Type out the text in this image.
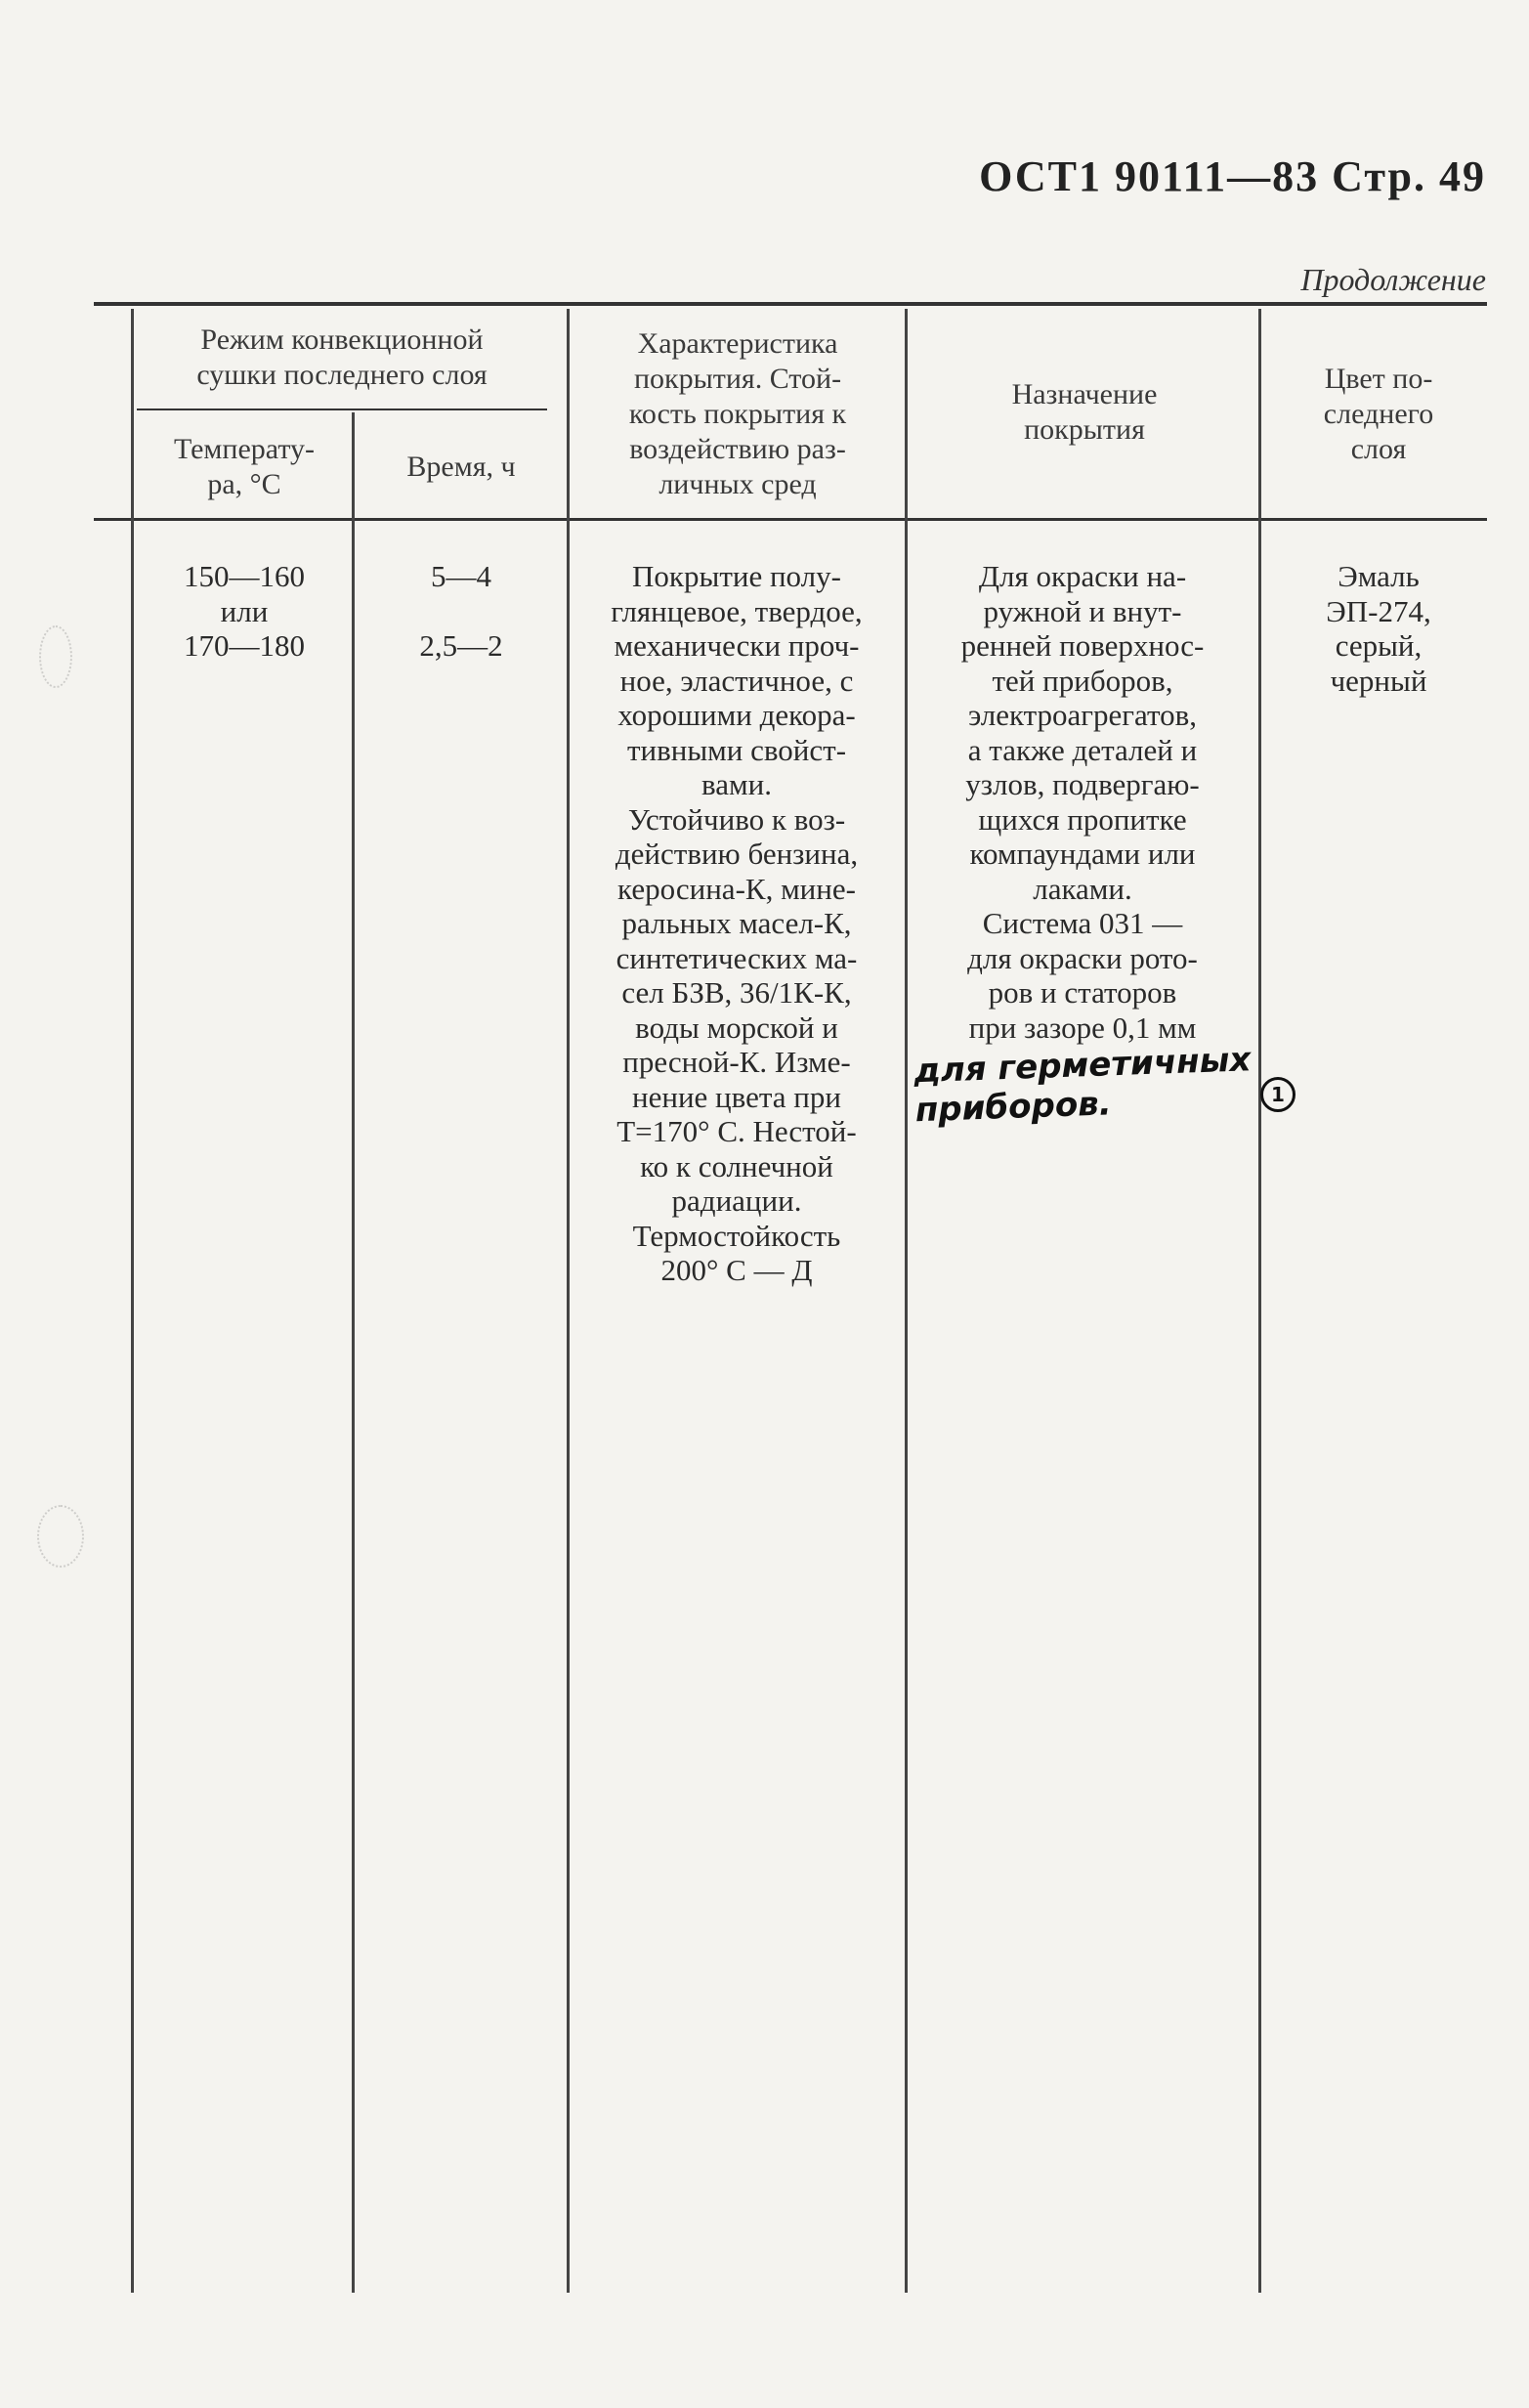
ОСТ1 90111—83 Стр. 49
Продолжение
Режим конвекционной
сушки последнего слоя
Температу-
ра, °С
Время, ч
Характеристика
покрытия. Стой-
кость покрытия к
воздействию раз-
личных сред
Назначение
покрытия
Цвет по-
следнего
слоя
150—160
или
170—180
5—4
2,5—2
Покрытие полу-
глянцевое, твердое,
механически проч-
ное, эластичное, с
хорошими декора-
тивными свойст-
вами.
Устойчиво к воз-
действию бензина,
керосина-К, мине-
ральных масел-К,
синтетических ма-
сел БЗВ, 36/1К-К,
воды морской и
пресной-К. Изме-
нение цвета при
Т=170° С. Нестой-
ко к солнечной
радиации.
Термостойкость
200° С — Д
Для окраски на-
ружной и внут-
ренней поверхнос-
тей приборов,
электроагрегатов,
а также деталей и
узлов, подвергаю-
щихся пропитке
компаундами или
лаками.
Система 031 —
для окраски рото-
ров и статоров
при зазоре 0,1 мм
для герметичных
приборов.	1
Эмаль
ЭП-274,
серый,
черный
